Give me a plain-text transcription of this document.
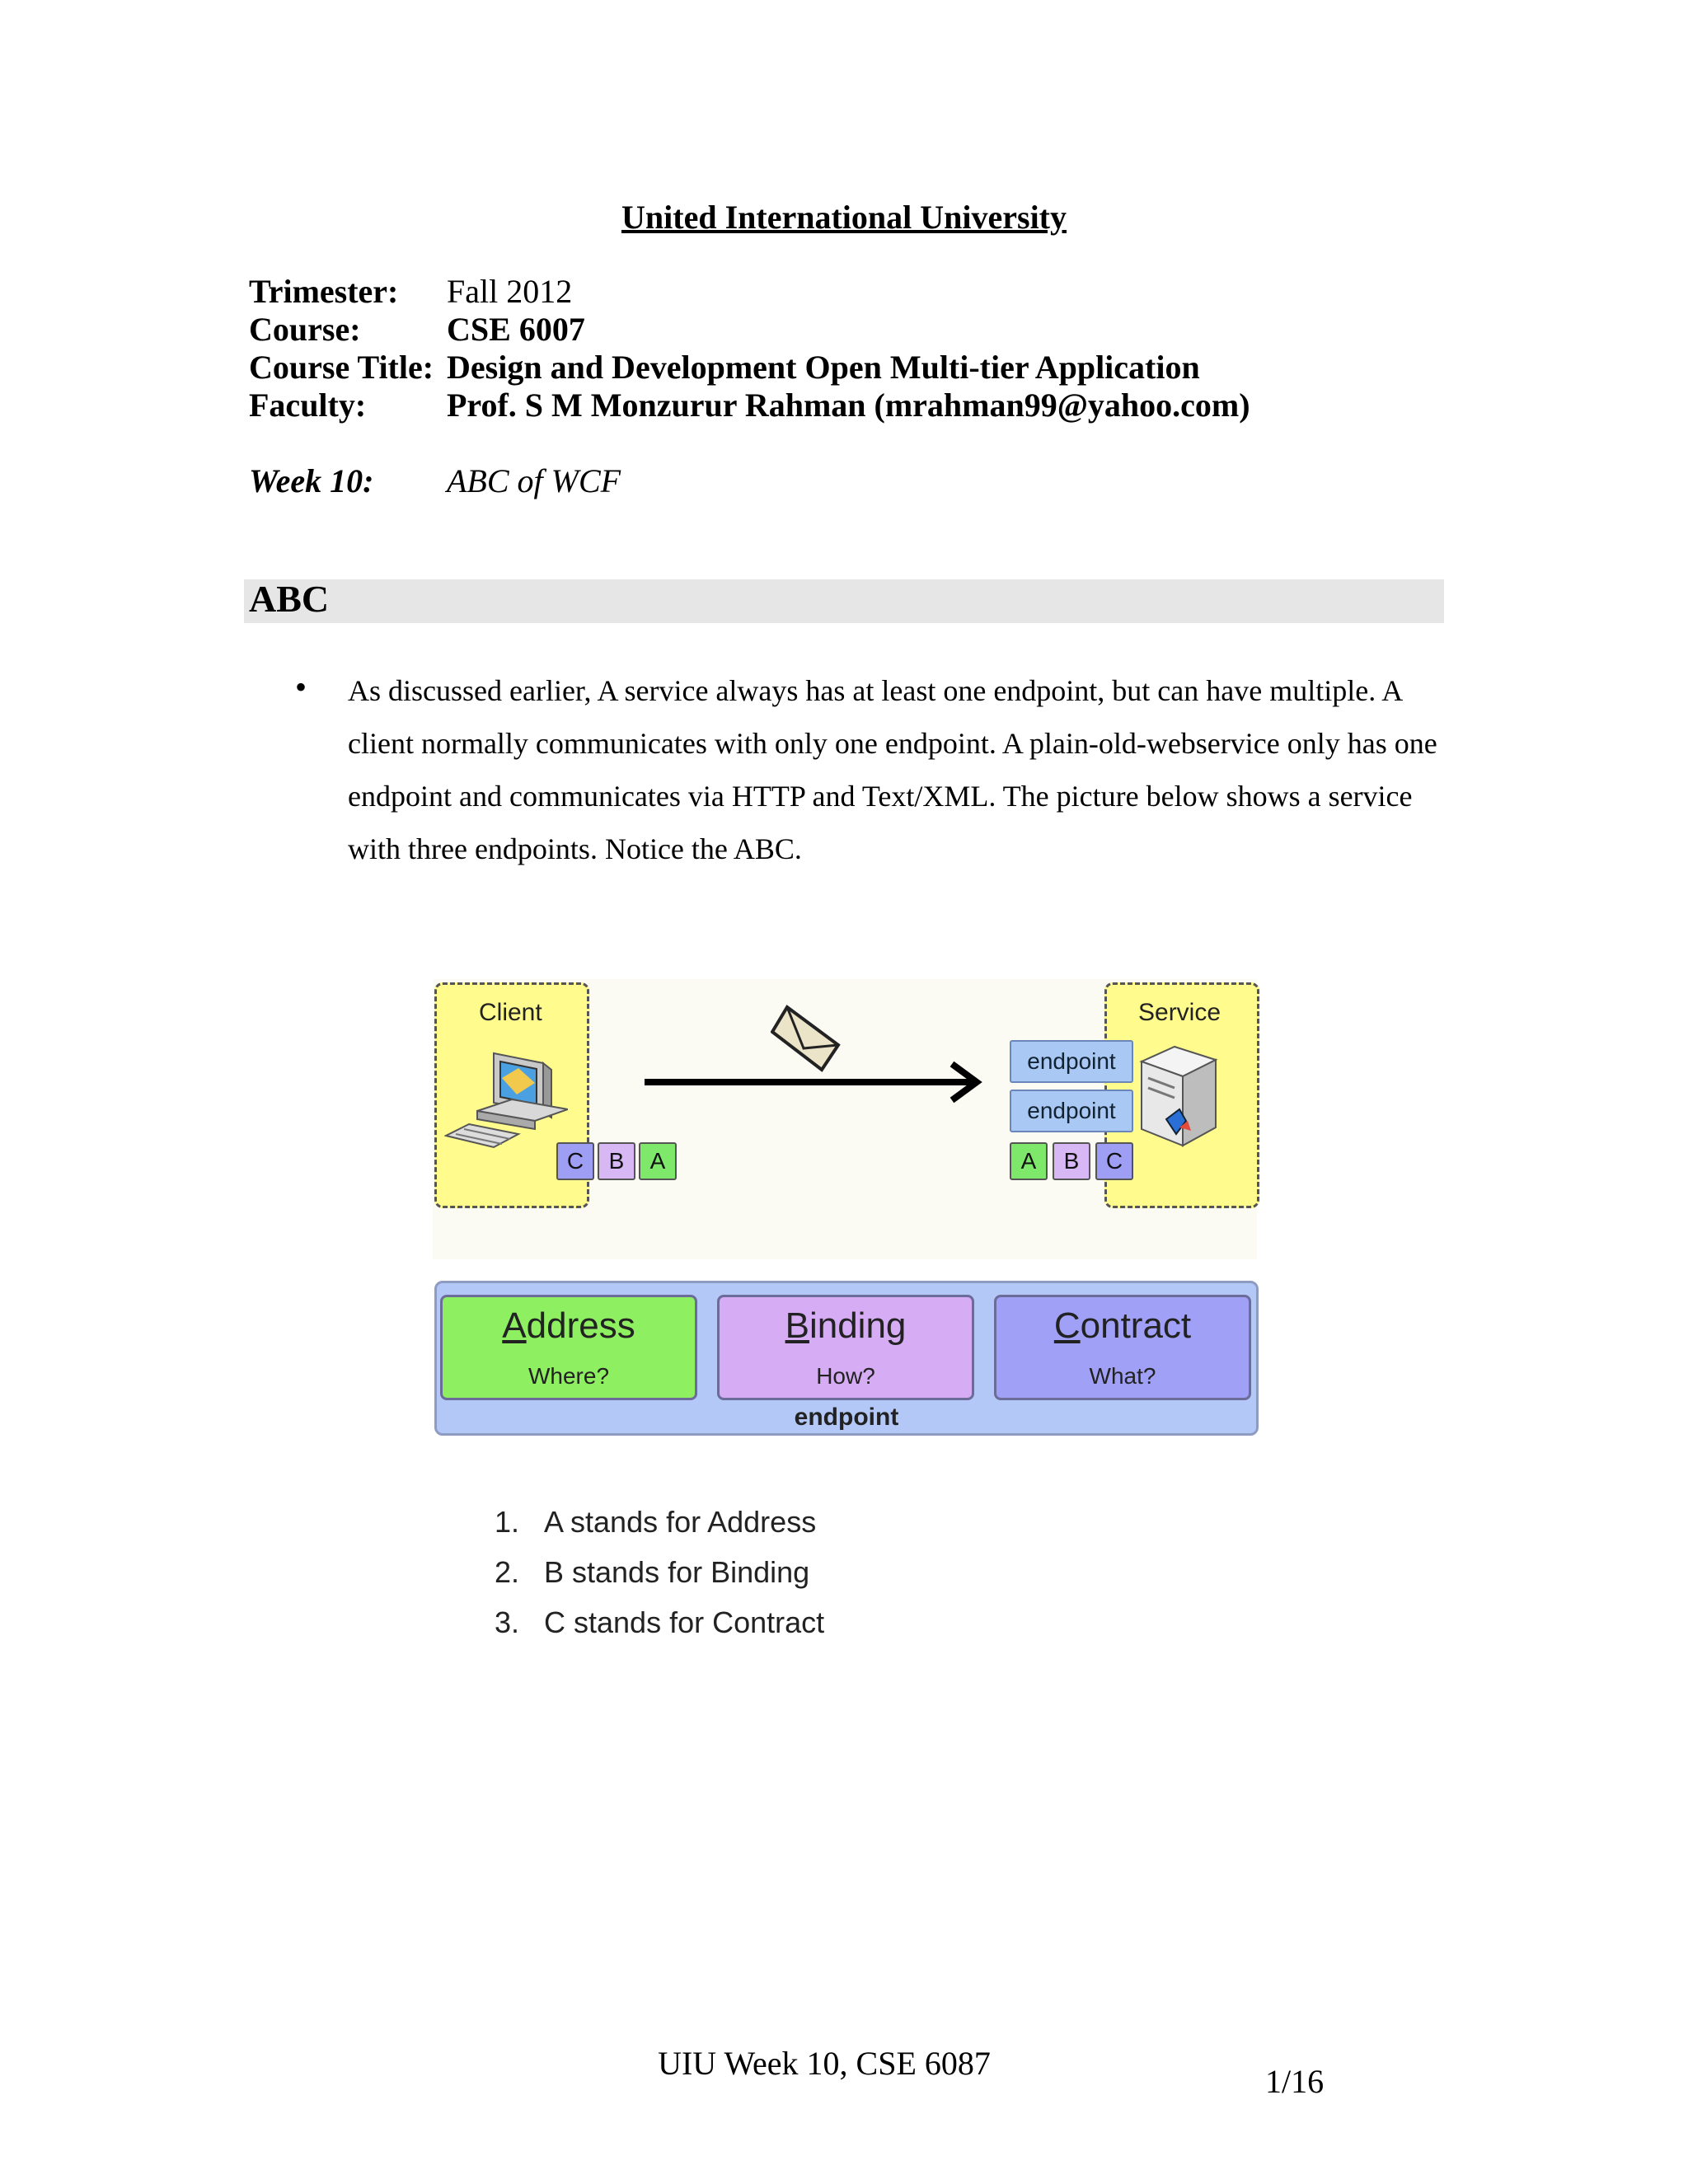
United International University
Trimester: Fall 2012
Course:	CSE 6007
Course Title: Design and Development Open Multi-tier Application
Faculty: Prof. S M Monzurur Rahman (mrahman99@yahoo.com)
Week 10: ABC of WCF
ABC
• As discussed earlier, A service always has at least one endpoint, but can have multiple. A client normally communicates with only one endpoint. A plain-old-webservice only has one endpoint and communicates via HTTP and Text/XML. The picture below shows a service with three endpoints. Notice the ABC.
Client
C	B	A
Service
endpoint
endpoint
A	B	C
Address
Where?
Binding
How?
Contract
What?
endpoint
1. A stands for Address
2. B stands for Binding
3. C stands for Contract
UIU Week 10, CSE 6087	1/16
